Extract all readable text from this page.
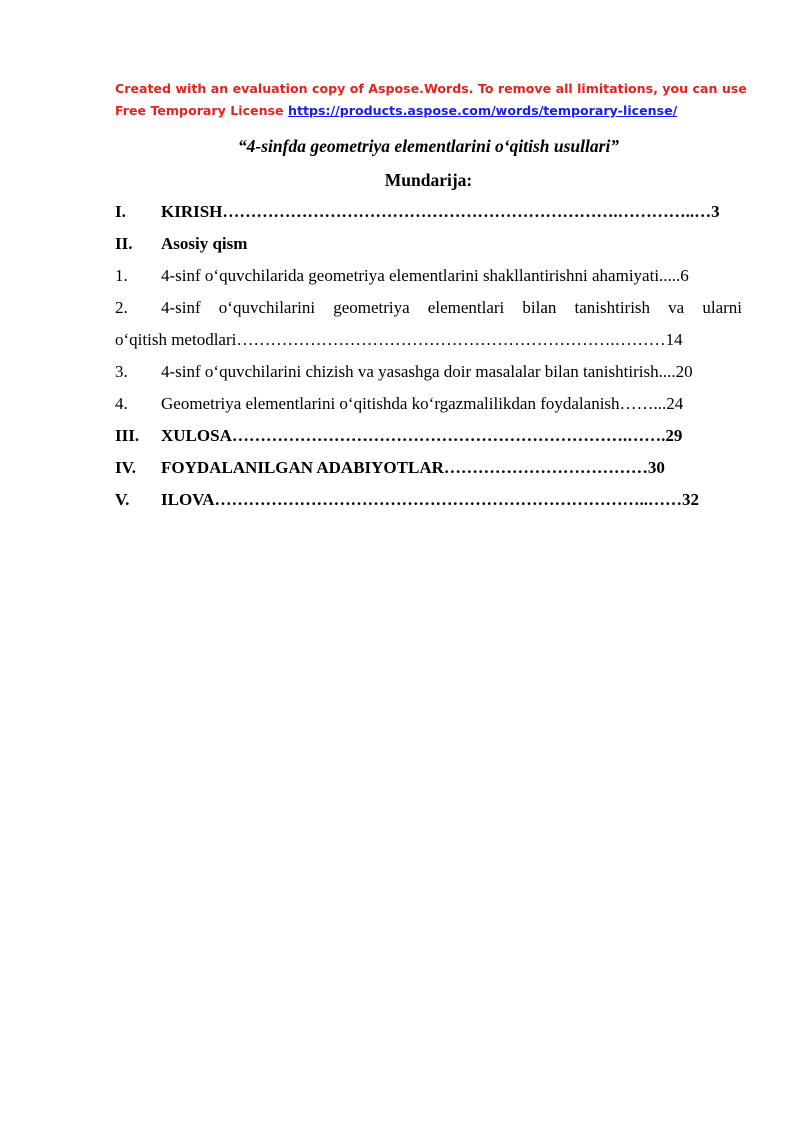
Created with an evaluation copy of Aspose.Words. To remove all limitations, you can use
Free Temporary License https://products.aspose.com/words/temporary-license/
“4-sinfda geometriya elementlarini o‘qitish usullari”
Mundarija:
I.	KIRISH…………………………………………………………….…………..…3
II.	Asosiy qism
1.	4-sinf o‘quvchilarida geometriya elementlarini shakllantirishni ahamiyati.....6
2.	4-sinf o‘quvchilarini geometriya elementlari bilan tanishtirish va ularni
o‘qitish metodlari………………………………………………………….………14
3.	4-sinf o‘quvchilarini chizish va yasashga doir masalalar bilan tanishtirish....20
4.	Geometriya elementlarini o‘qitishda ko‘rgazmalilikdan foydalanish……...24
III.	XULOSA…………………………………………………………….…….29
IV.	FOYDALANILGAN ADABIYOTLAR………………………………30
V.	ILOVA…………………………………………………………………..……32
